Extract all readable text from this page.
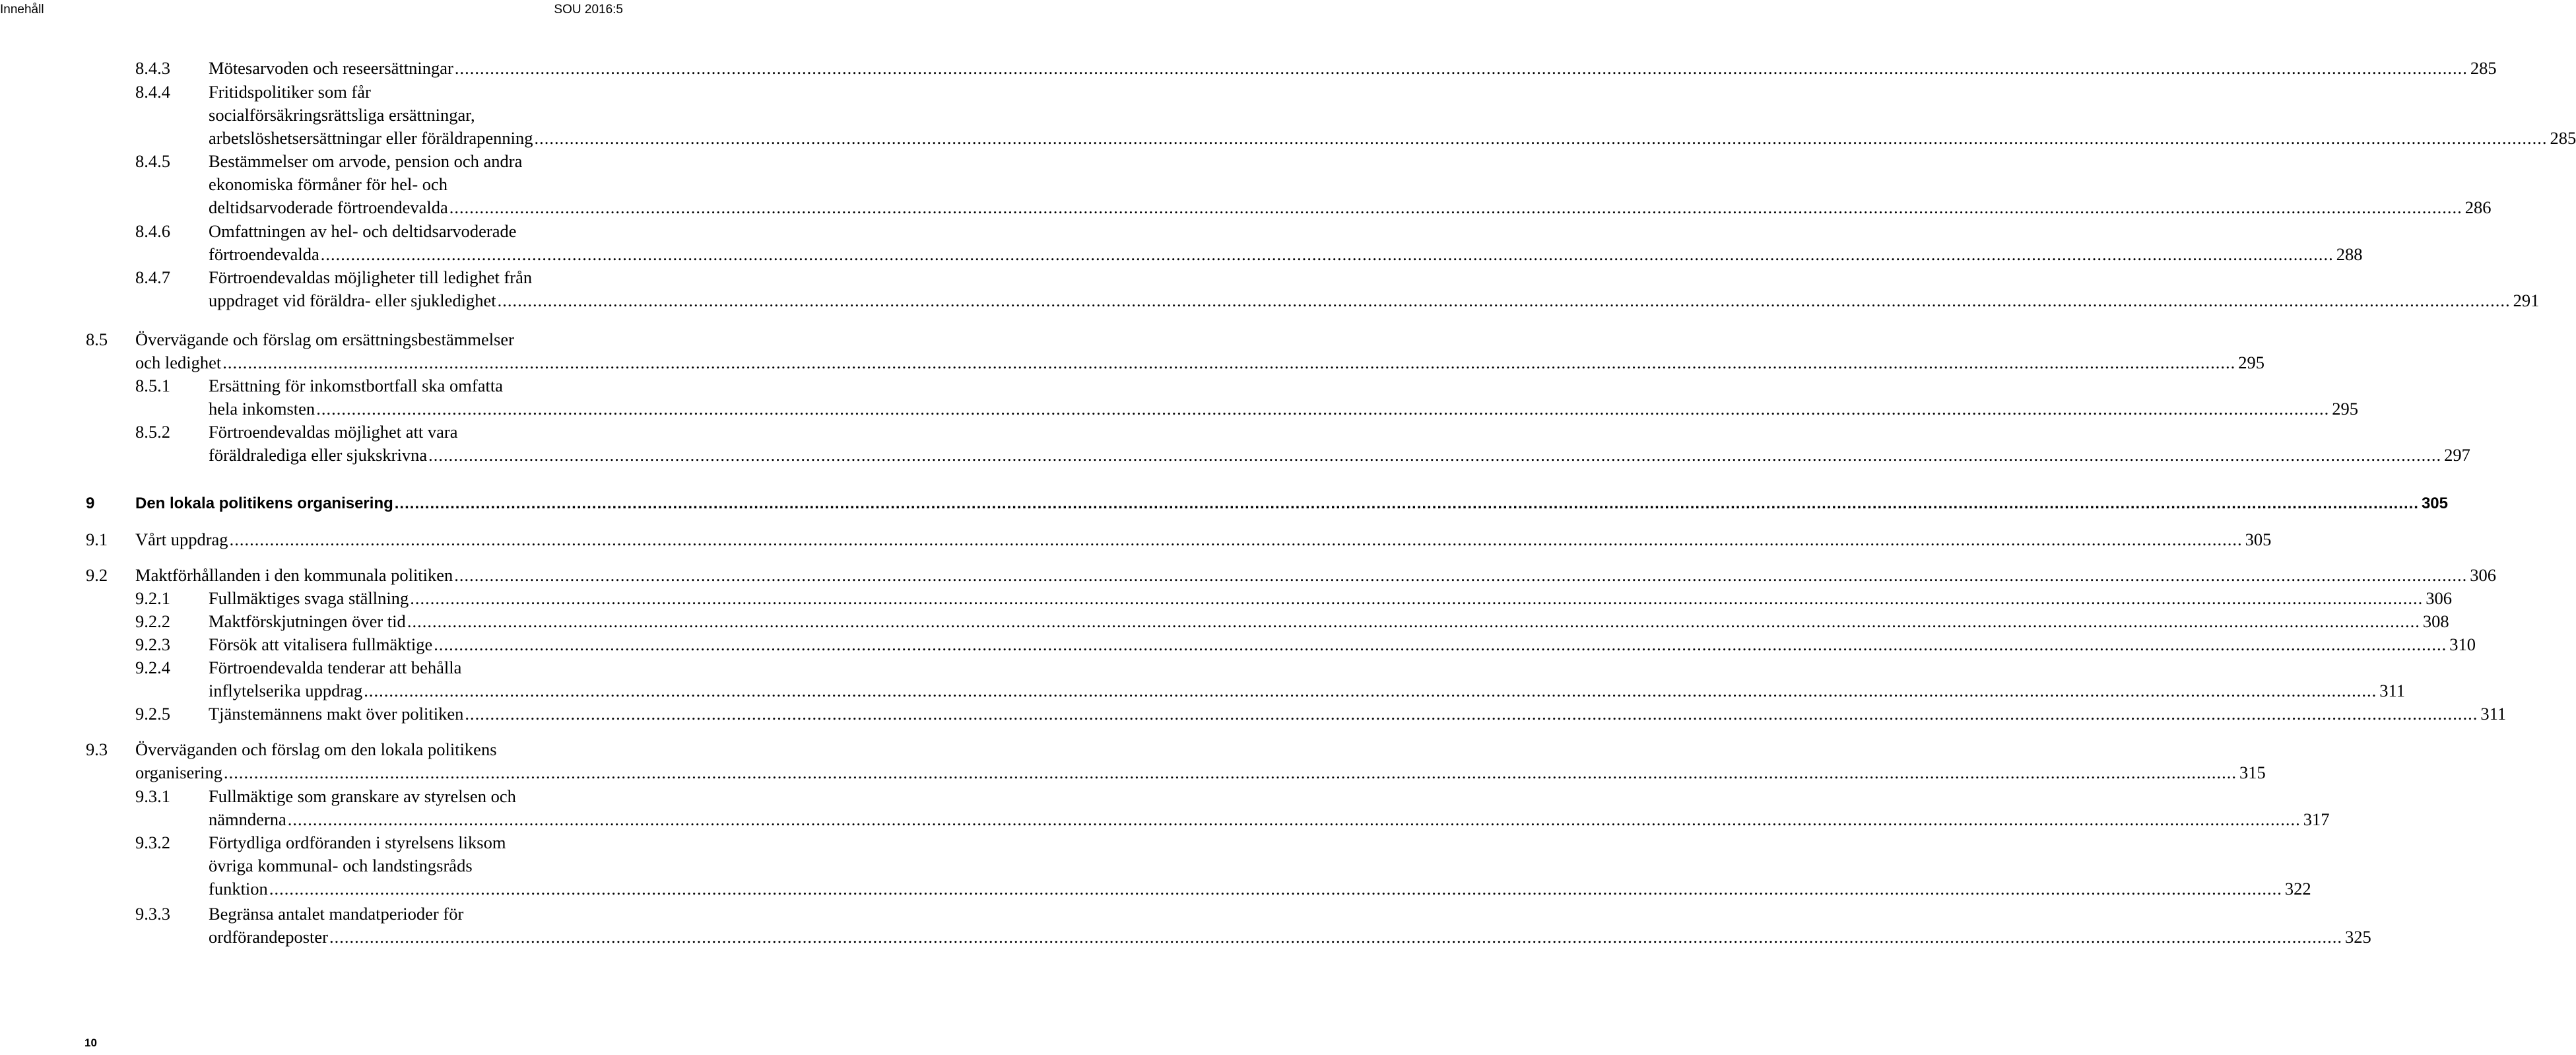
Innehåll	SOU 2016:5
8.4.3 Mötesarvoden och reseersättningar ................................................................................................................................................................................................................................................................................................................................................................................................................ 285
8.4.4 Fritidspolitiker som får
socialförsäkringsrättsliga ersättningar,
arbetslöshetsersättningar eller föräldrapenning ................................................................................................................................................................................................................................................................................................................................................................................................................ 285
8.4.5 Bestämmelser om arvode, pension och andra
ekonomiska förmåner för hel- och
deltidsarvoderade förtroendevalda ................................................................................................................................................................................................................................................................................................................................................................................................................ 286
8.4.6 Omfattningen av hel- och deltidsarvoderade
förtroendevalda ................................................................................................................................................................................................................................................................................................................................................................................................................ 288
8.4.7 Förtroendevaldas möjligheter till ledighet från
uppdraget vid föräldra- eller sjukledighet ................................................................................................................................................................................................................................................................................................................................................................................................................ 291
8.5 Övervägande och förslag om ersättningsbestämmelser
och ledighet ................................................................................................................................................................................................................................................................................................................................................................................................................ 295
8.5.1 Ersättning för inkomstbortfall ska omfatta
hela inkomsten ................................................................................................................................................................................................................................................................................................................................................................................................................ 295
8.5.2 Förtroendevaldas möjlighet att vara
föräldralediga eller sjukskrivna ................................................................................................................................................................................................................................................................................................................................................................................................................ 297
9	Den lokala politikens organisering ................................................................................................................................................................................................................................................................................................................................................................................................................ 305
9.1 Vårt uppdrag ................................................................................................................................................................................................................................................................................................................................................................................................................ 305
9.2 Maktförhållanden i den kommunala politiken ................................................................................................................................................................................................................................................................................................................................................................................................................ 306
9.2.1 Fullmäktiges svaga ställning ................................................................................................................................................................................................................................................................................................................................................................................................................ 306
9.2.2 Maktförskjutningen över tid ................................................................................................................................................................................................................................................................................................................................................................................................................ 308
9.2.3 Försök att vitalisera fullmäktige ................................................................................................................................................................................................................................................................................................................................................................................................................ 310
9.2.4 Förtroendevalda tenderar att behålla
inflytelserika uppdrag ................................................................................................................................................................................................................................................................................................................................................................................................................ 311
9.2.5 Tjänstemännens makt över politiken ................................................................................................................................................................................................................................................................................................................................................................................................................ 311
9.3 Överväganden och förslag om den lokala politikens
organisering ................................................................................................................................................................................................................................................................................................................................................................................................................ 315
9.3.1 Fullmäktige som granskare av styrelsen och
nämnderna ................................................................................................................................................................................................................................................................................................................................................................................................................ 317
9.3.2 Förtydliga ordföranden i styrelsens liksom
övriga kommunal- och landstingsråds
funktion ................................................................................................................................................................................................................................................................................................................................................................................................................ 322
9.3.3 Begränsa antalet mandatperioder för
ordförandeposter ................................................................................................................................................................................................................................................................................................................................................................................................................ 325
10
